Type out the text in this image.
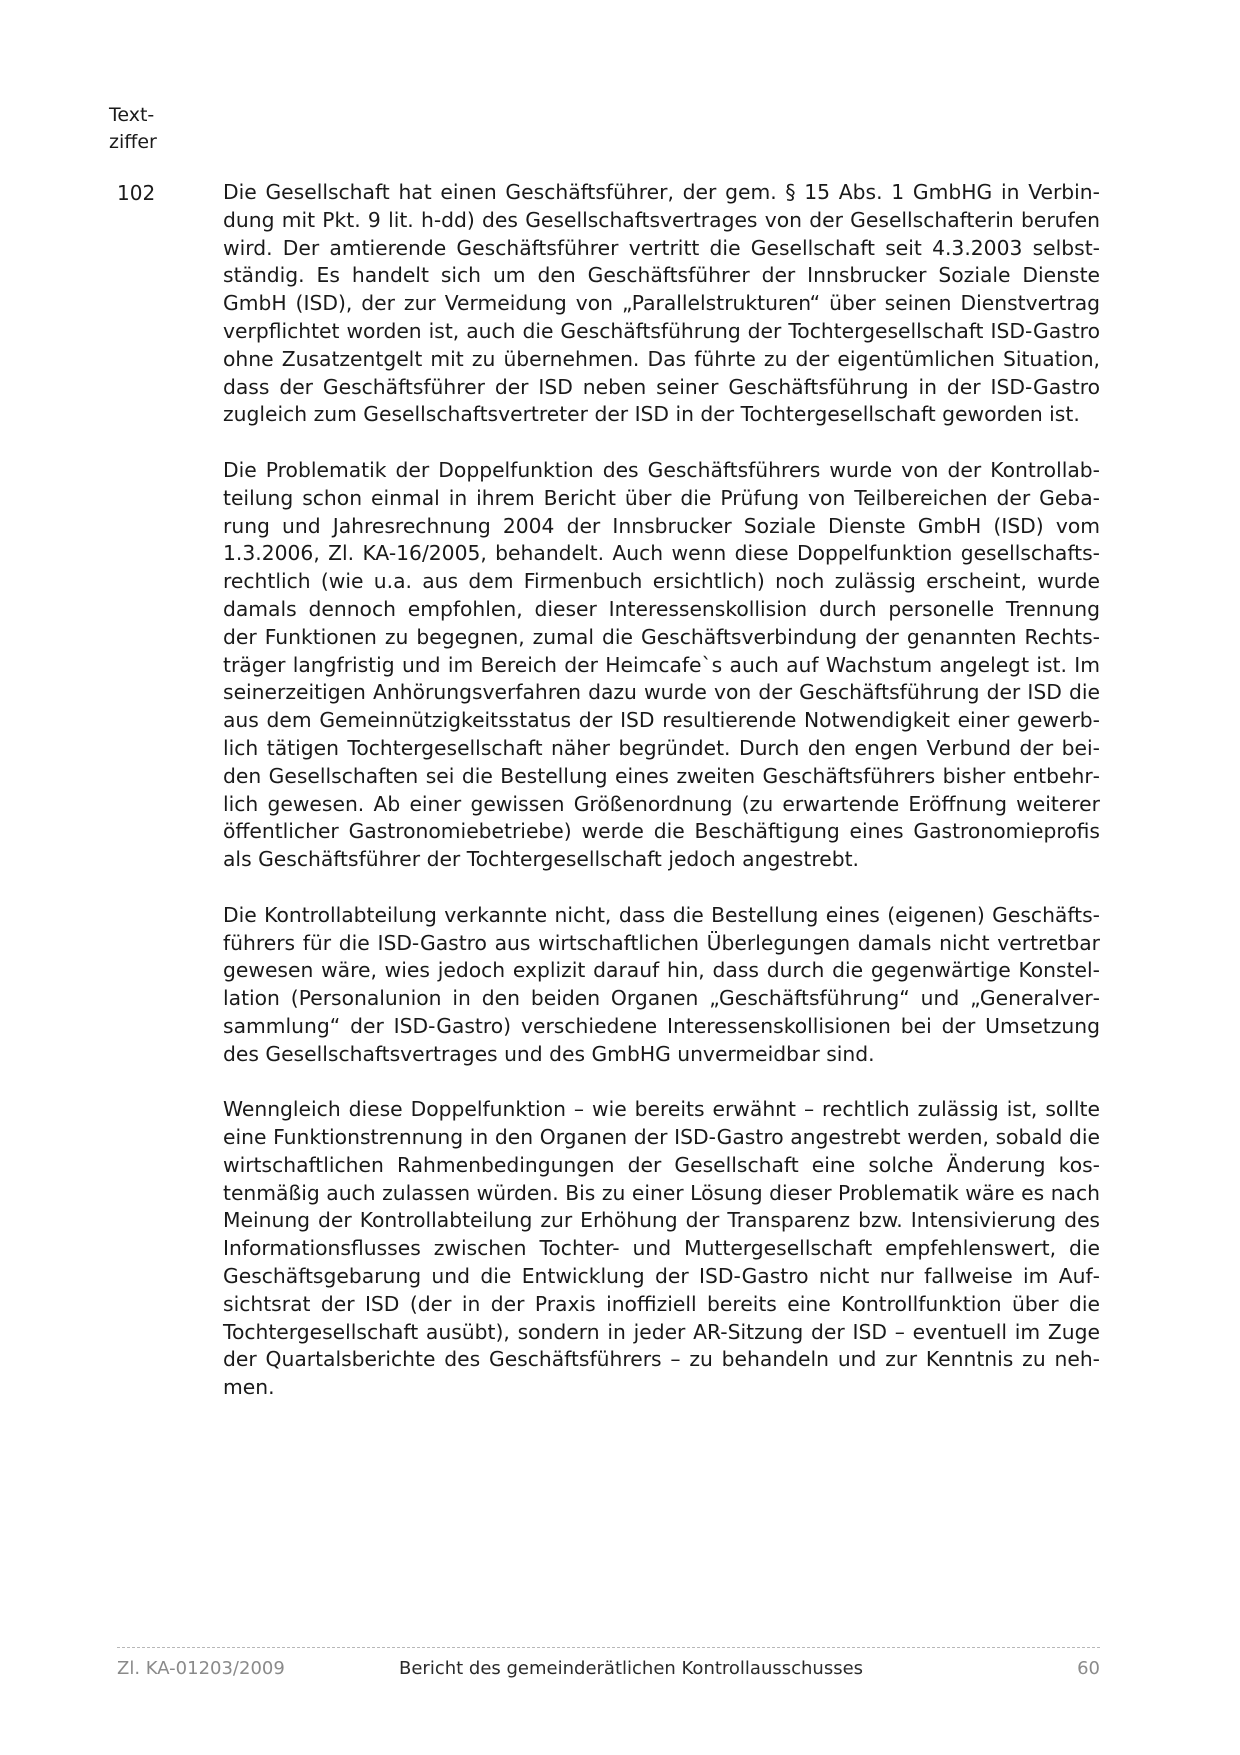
Text-
ziffer
102	Die Gesellschaft hat einen Geschäftsführer, der gem. § 15 Abs. 1 GmbHG in Verbindung mit Pkt. 9 lit. h-dd) des Gesellschaftsvertrages von der Gesellschafterin berufen wird. Der amtierende Geschäftsführer vertritt die Gesellschaft seit 4.3.2003 selbstständig. Es handelt sich um den Geschäftsführer der Innsbrucker Soziale Dienste GmbH (ISD), der zur Vermeidung von „Parallelstrukturen“ über seinen Dienstvertrag verpflichtet worden ist, auch die Geschäftsführung der Tochtergesellschaft ISD-Gastro ohne Zusatzentgelt mit zu übernehmen. Das führte zu der eigentümlichen Situation, dass der Geschäftsführer der ISD neben seiner Geschäftsführung in der ISD-Gastro zugleich zum Gesellschaftsvertreter der ISD in der Tochtergesellschaft geworden ist.

Die Problematik der Doppelfunktion des Geschäftsführers wurde von der Kontrollabteilung schon einmal in ihrem Bericht über die Prüfung von Teilbereichen der Gebarung und Jahresrechnung 2004 der Innsbrucker Soziale Dienste GmbH (ISD) vom 1.3.2006, Zl. KA-16/2005, behandelt. Auch wenn diese Doppelfunktion gesellschaftsrechtlich (wie u.a. aus dem Firmenbuch ersichtlich) noch zulässig erscheint, wurde damals dennoch empfohlen, dieser Interessenskollision durch personelle Trennung der Funktionen zu begegnen, zumal die Geschäftsverbindung der genannten Rechtsträger langfristig und im Bereich der Heimcafe`s auch auf Wachstum angelegt ist. Im seinerzeitigen Anhörungsverfahren dazu wurde von der Geschäftsführung der ISD die aus dem Gemeinnützigkeitsstatus der ISD resultierende Notwendigkeit einer gewerblich tätigen Tochtergesellschaft näher begründet. Durch den engen Verbund der beiden Gesellschaften sei die Bestellung eines zweiten Geschäftsführers bisher entbehrlich gewesen. Ab einer gewissen Größenordnung (zu erwartende Eröffnung weiterer öffentlicher Gastronomiebetriebe) werde die Beschäftigung eines Gastronomieprofis als Geschäftsführer der Tochtergesellschaft jedoch angestrebt.

Die Kontrollabteilung verkannte nicht, dass die Bestellung eines (eigenen) Geschäftsführers für die ISD-Gastro aus wirtschaftlichen Überlegungen damals nicht vertretbar gewesen wäre, wies jedoch explizit darauf hin, dass durch die gegenwärtige Konstellation (Personalunion in den beiden Organen „Geschäftsführung“ und „Generalversammlung“ der ISD-Gastro) verschiedene Interessenskollisionen bei der Umsetzung des Gesellschaftsvertrages und des GmbHG unvermeidbar sind.

Wenngleich diese Doppelfunktion – wie bereits erwähnt – rechtlich zulässig ist, sollte eine Funktionstrennung in den Organen der ISD-Gastro angestrebt werden, sobald die wirtschaftlichen Rahmenbedingungen der Gesellschaft eine solche Änderung kostenmäßig auch zulassen würden. Bis zu einer Lösung dieser Problematik wäre es nach Meinung der Kontrollabteilung zur Erhöhung der Transparenz bzw. Intensivierung des Informationsflusses zwischen Tochter- und Muttergesellschaft empfehlenswert, die Geschäftsgebarung und die Entwicklung der ISD-Gastro nicht nur fallweise im Aufsichtsrat der ISD (der in der Praxis inoffiziell bereits eine Kontrollfunktion über die Tochtergesellschaft ausübt), sondern in jeder AR-Sitzung der ISD – eventuell im Zuge der Quartalsberichte des Geschäftsführers – zu behandeln und zur Kenntnis zu nehmen.

Zl. KA-01203/2009	Bericht des gemeinderätlichen Kontrollausschusses	60
